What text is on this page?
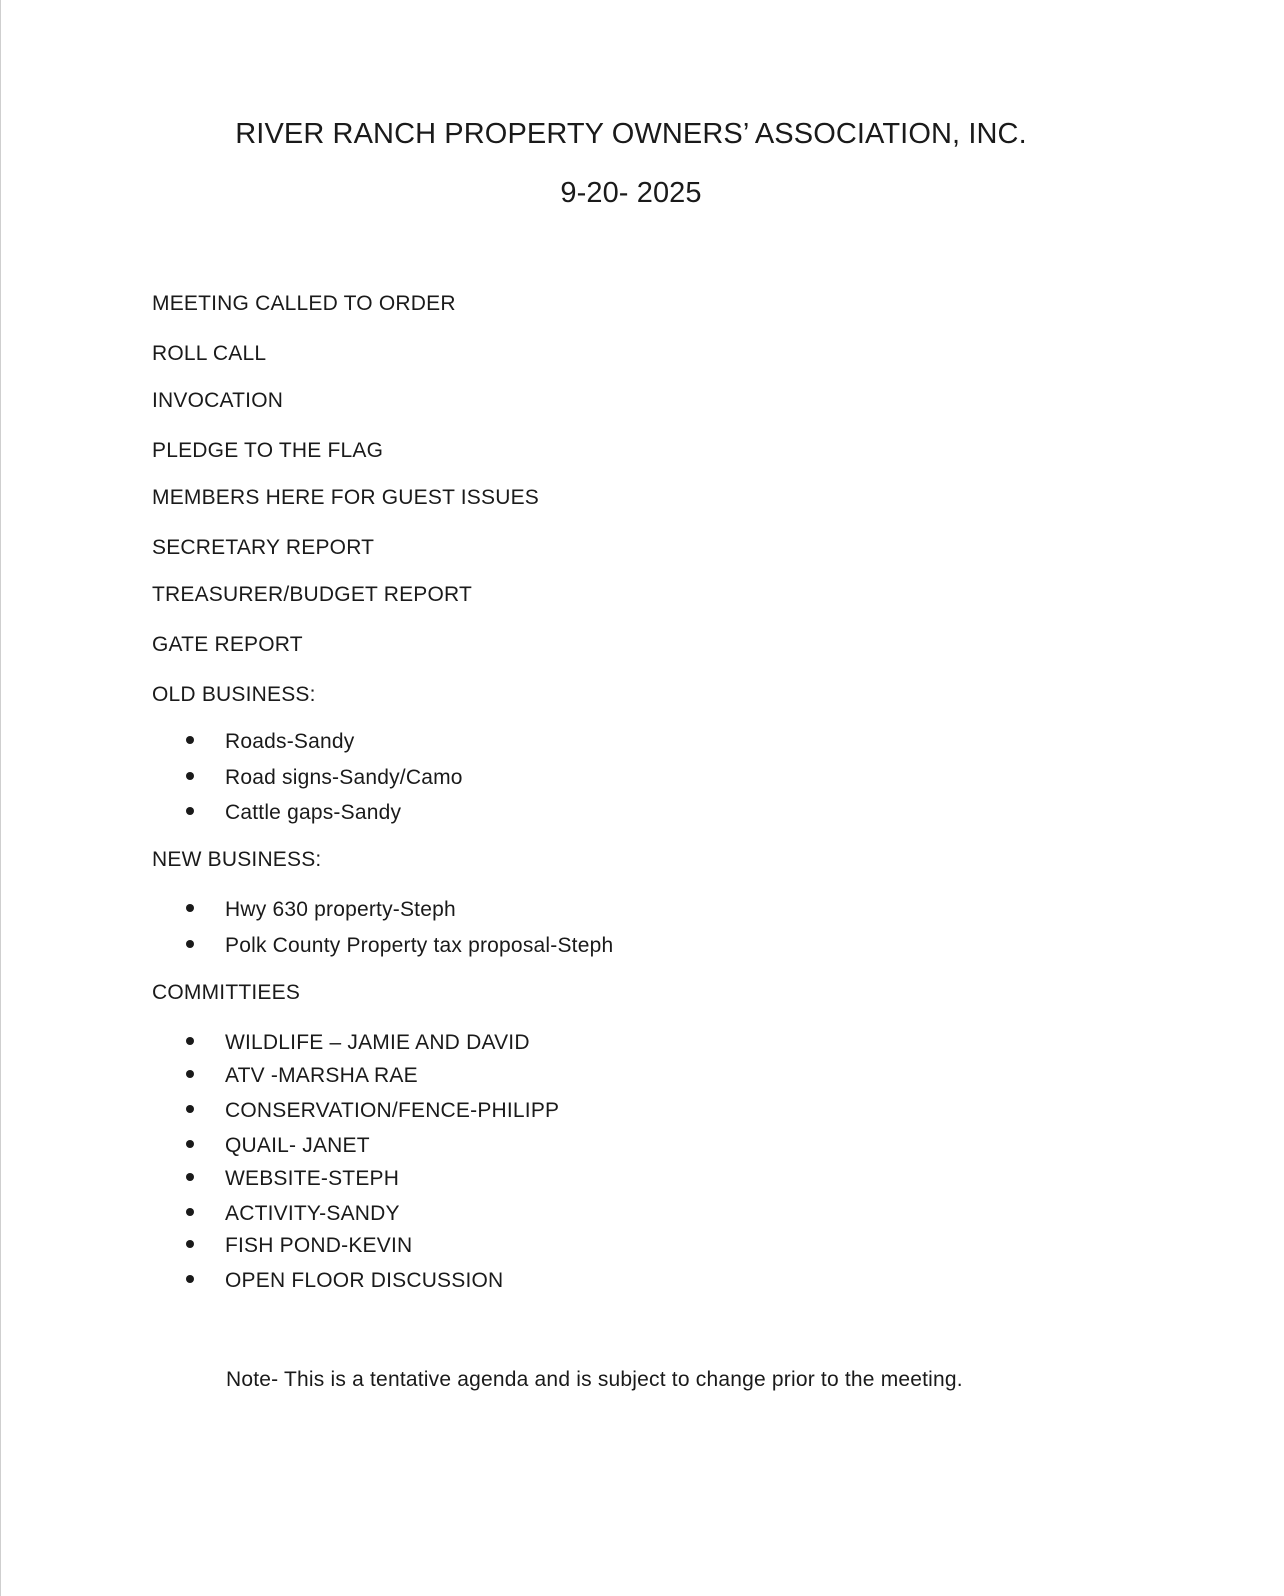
RIVER RANCH PROPERTY OWNERS’ ASSOCIATION, INC.
9-20- 2025
MEETING CALLED TO ORDER
ROLL CALL
INVOCATION
PLEDGE TO THE FLAG
MEMBERS HERE FOR GUEST ISSUES
SECRETARY REPORT
TREASURER/BUDGET REPORT
GATE REPORT
OLD BUSINESS:
Roads-Sandy
Road signs-Sandy/Camo
Cattle gaps-Sandy
NEW BUSINESS:
Hwy 630 property-Steph
Polk County Property tax proposal-Steph
COMMITTIEES
WILDLIFE – JAMIE AND DAVID
ATV -MARSHA RAE
CONSERVATION/FENCE-PHILIPP
QUAIL- JANET
WEBSITE-STEPH
ACTIVITY-SANDY
FISH POND-KEVIN
OPEN FLOOR DISCUSSION
Note- This is a tentative agenda and is subject to change prior to the meeting.
